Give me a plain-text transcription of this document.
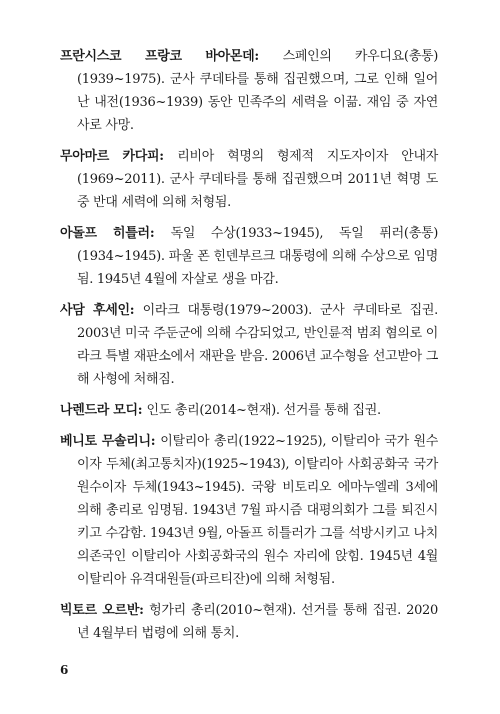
프란시스코 프랑코 바아몬데: 스페인의 카우디요(총통)(1939~1975). 군사 쿠데타를 통해 집권했으며, 그로 인해 일어난 내전(1936~1939) 동안 민족주의 세력을 이끎. 재임 중 자연사로 사망.

무아마르 카다피: 리비아 혁명의 형제적 지도자이자 안내자(1969~2011). 군사 쿠데타를 통해 집권했으며 2011년 혁명 도중 반대 세력에 의해 처형됨.

아돌프 히틀러: 독일 수상(1933~1945), 독일 퓌러(총통)(1934~1945). 파울 폰 힌덴부르크 대통령에 의해 수상으로 임명됨. 1945년 4월에 자살로 생을 마감.

사담 후세인: 이라크 대통령(1979~2003). 군사 쿠데타로 집권. 2003년 미국 주둔군에 의해 수감되었고, 반인륜적 범죄 혐의로 이라크 특별 재판소에서 재판을 받음. 2006년 교수형을 선고받아 그해 사형에 처해짐.

나렌드라 모디: 인도 총리(2014~현재). 선거를 통해 집권.

베니토 무솔리니: 이탈리아 총리(1922~1925), 이탈리아 국가 원수이자 두체(최고통치자)(1925~1943), 이탈리아 사회공화국 국가 원수이자 두체(1943~1945). 국왕 비토리오 에마누엘레 3세에 의해 총리로 임명됨. 1943년 7월 파시즘 대평의회가 그를 퇴진시키고 수감함. 1943년 9월, 아돌프 히틀러가 그를 석방시키고 나치 의존국인 이탈리아 사회공화국의 원수 자리에 앉힘. 1945년 4월 이탈리아 유격대원들(파르티잔)에 의해 처형됨.

빅토르 오르반: 헝가리 총리(2010~현재). 선거를 통해 집권. 2020년 4월부터 법령에 의해 통치.

6
